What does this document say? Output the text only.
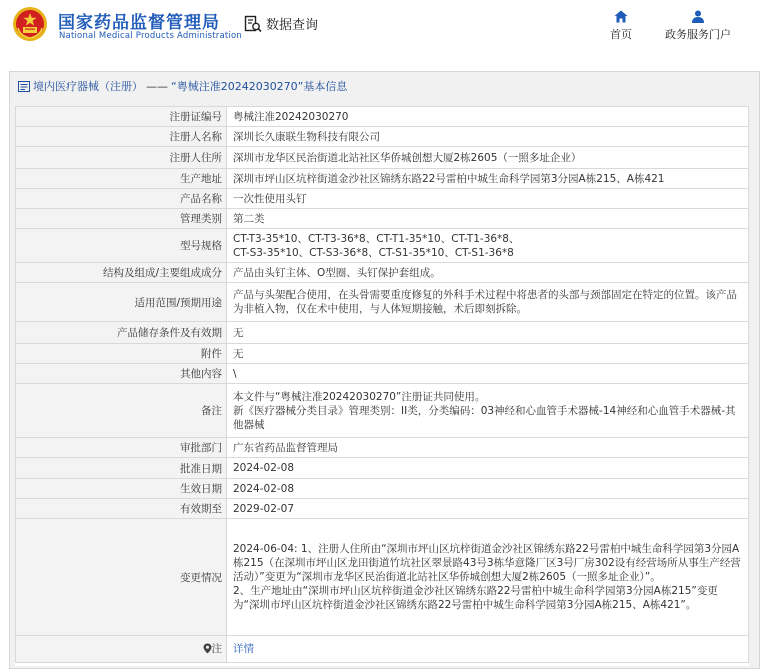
国家药品监督管理局
National Medical Products Administration
数据查询
首页	政务服务门户
境内医疗器械（注册） —— “粤械注准20242030270”基本信息
注册证编号	粤械注准20242030270
注册人名称	深圳长久康联生物科技有限公司
注册人住所	深圳市龙华区民治街道北站社区华侨城创想大厦2栋2605（一照多址企业）
生产地址	深圳市坪山区坑梓街道金沙社区锦绣东路22号雷柏中城生命科学园第3分园A栋215、A栋421
产品名称	一次性使用头钉
管理类别	第二类
型号规格	CT-T3-35*10、CT-T3-36*8、CT-T1-35*10、CT-T1-36*8、
CT-S3-35*10、CT-S3-36*8、CT-S1-35*10、CT-S1-36*8
结构及组成/主要组成成分	产品由头钉主体、O型圈、头钉保护套组成。
适用范围/预期用途	产品与头架配合使用，在头骨需要重度修复的外科手术过程中将患者的头部与颈部固定在特定的位置。该产品为非植入物，仅在术中使用，与人体短期接触，术后即刻拆除。
产品储存条件及有效期	无
附件	无
其他内容	\
备注	本文件与“粤械注准20242030270”注册证共同使用。
新《医疗器械分类目录》管理类别：II类，分类编码：03神经和心血管手术器械-14神经和心血管手术器械-其他器械
审批部门	广东省药品监督管理局
批准日期	2024-02-08
生效日期	2024-02-08
有效期至	2029-02-07
变更情况	2024-06-04: 1、注册人住所由“深圳市坪山区坑梓街道金沙社区锦绣东路22号雷柏中城生命科学园第3分园A栋215（在深圳市坪山区龙田街道竹坑社区翠景路43号3栋华意隆厂区3号厂房302设有经营场所从事生产经营活动）”变更为“深圳市龙华区民治街道北站社区华侨城创想大厦2栋2605（一照多址企业）”。
2、生产地址由“深圳市坪山区坑梓街道金沙社区锦绣东路22号雷柏中城生命科学园第3分园A栋215”变更为“深圳市坪山区坑梓街道金沙社区锦绣东路22号雷柏中城生命科学园第3分园A栋215、A栋421”。

注	详情
